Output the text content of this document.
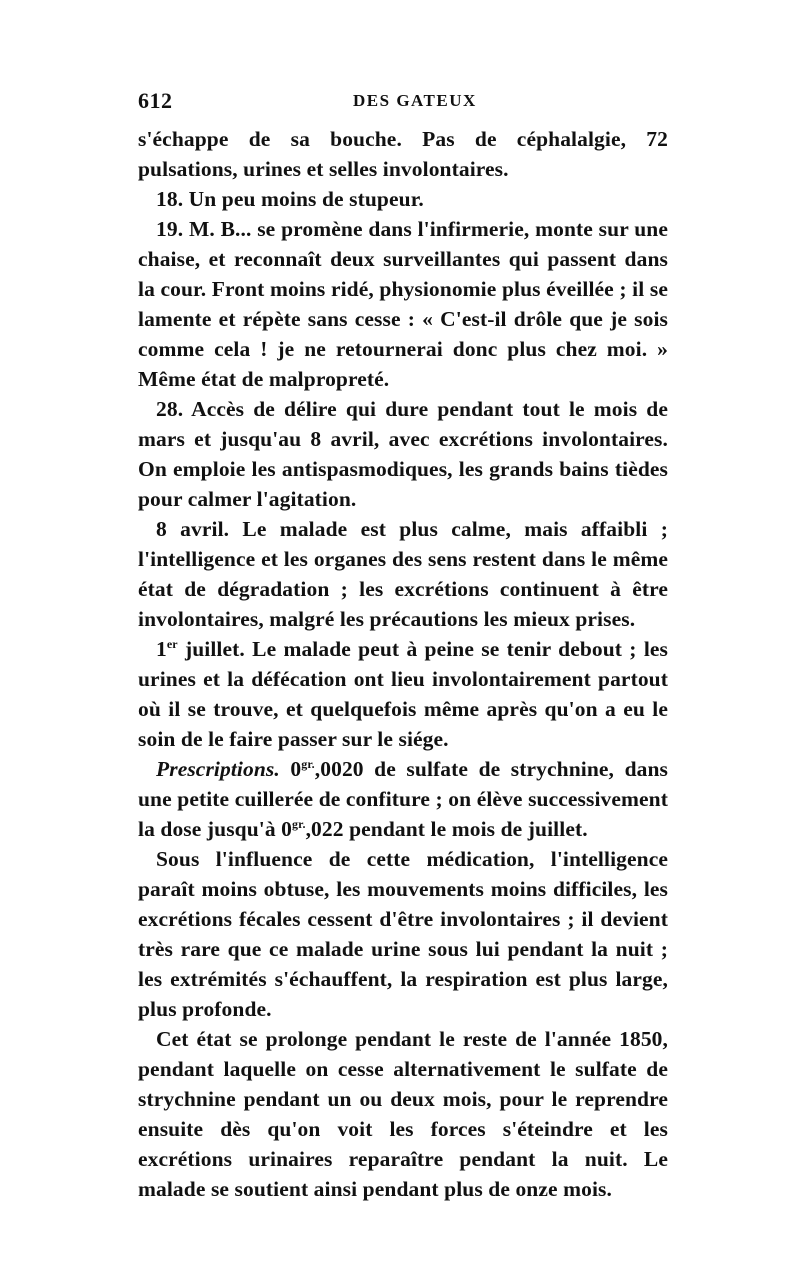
612	DES GATEUX

s'échappe de sa bouche. Pas de céphalalgie, 72 pulsations, urines et selles involontaires.

18. Un peu moins de stupeur.

19. M. B... se promène dans l'infirmerie, monte sur une chaise, et reconnaît deux surveillantes qui passent dans la cour. Front moins ridé, physionomie plus éveillée ; il se lamente et répète sans cesse : « C'est-il drôle que je sois comme cela ! je ne retournerai donc plus chez moi. » Même état de malpropreté.

28. Accès de délire qui dure pendant tout le mois de mars et jusqu'au 8 avril, avec excrétions involontaires. On emploie les antispasmodiques, les grands bains tièdes pour calmer l'agitation.

8 avril. Le malade est plus calme, mais affaibli ; l'intelligence et les organes des sens restent dans le même état de dégradation ; les excrétions continuent à être involontaires, malgré les précautions les mieux prises.

1er juillet. Le malade peut à peine se tenir debout ; les urines et la défécation ont lieu involontairement partout où il se trouve, et quelquefois même après qu'on a eu le soin de le faire passer sur le siége.

Prescriptions. $0^{gr.},0020$ de sulfate de strychnine, dans une petite cuillerée de confiture ; on élève successivement la dose jusqu'à $0^{gr.},022$ pendant le mois de juillet.

Sous l'influence de cette médication, l'intelligence paraît moins obtuse, les mouvements moins difficiles, les excrétions fécales cessent d'être involontaires ; il devient très rare que ce malade urine sous lui pendant la nuit ; les extrémités s'échauffent, la respiration est plus large, plus profonde.

Cet état se prolonge pendant le reste de l'année 1850, pendant laquelle on cesse alternativement le sulfate de strychnine pendant un ou deux mois, pour le reprendre ensuite dès qu'on voit les forces s'éteindre et les excrétions urinaires reparaître pendant la nuit. Le malade se soutient ainsi pendant plus de onze mois.
